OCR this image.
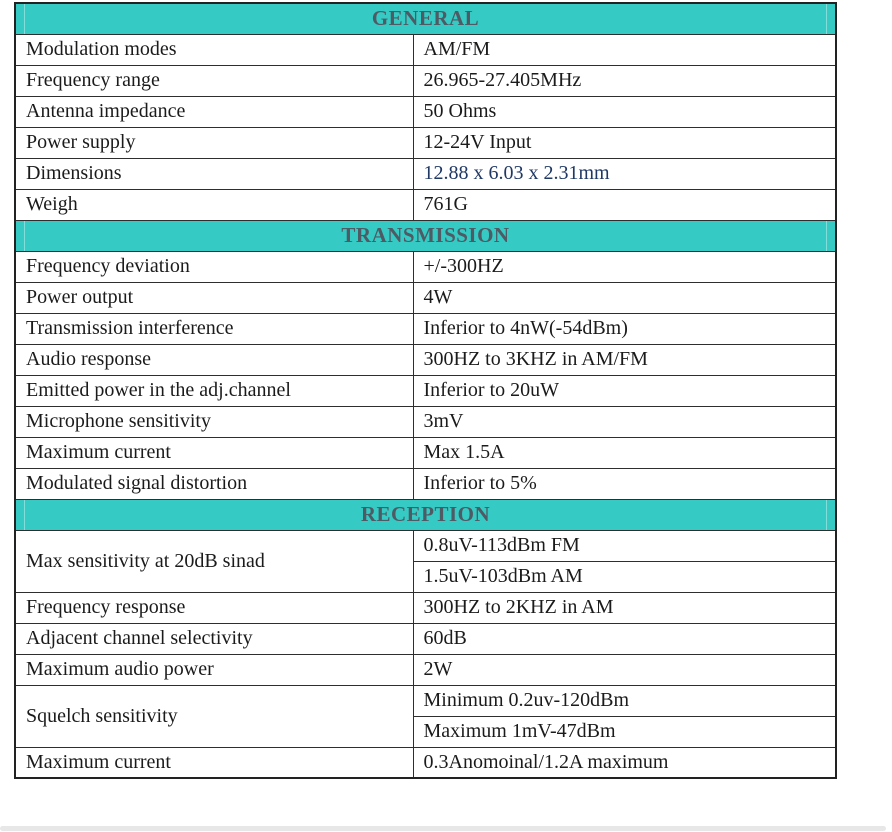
GENERAL	
Modulation modes	AM/FM
Frequency range	26.965-27.405MHz
Antenna impedance	50 Ohms
Power supply	12-24V Input
Dimensions	12.88 x 6.03 x 2.31mm
Weigh	761G
TRANSMISSION	
Frequency deviation	+/-300HZ
Power output	4W
Transmission interference	Inferior to 4nW(-54dBm)
Audio response	300HZ to 3KHZ in AM/FM
Emitted power in the adj.channel	Inferior to 20uW
Microphone sensitivity	3mV
Maximum current	Max 1.5A
Modulated signal distortion	Inferior to 5%
RECEPTION	
Max sensitivity at 20dB sinad	0.8uV-113dBm FM
	1.5uV-103dBm AM
Frequency response	300HZ to 2KHZ in AM
Adjacent channel selectivity	60dB
Maximum audio power	2W
Squelch sensitivity	Minimum 0.2uv-120dBm
	Maximum 1mV-47dBm
Maximum current	0.3Anomoinal/1.2A maximum
